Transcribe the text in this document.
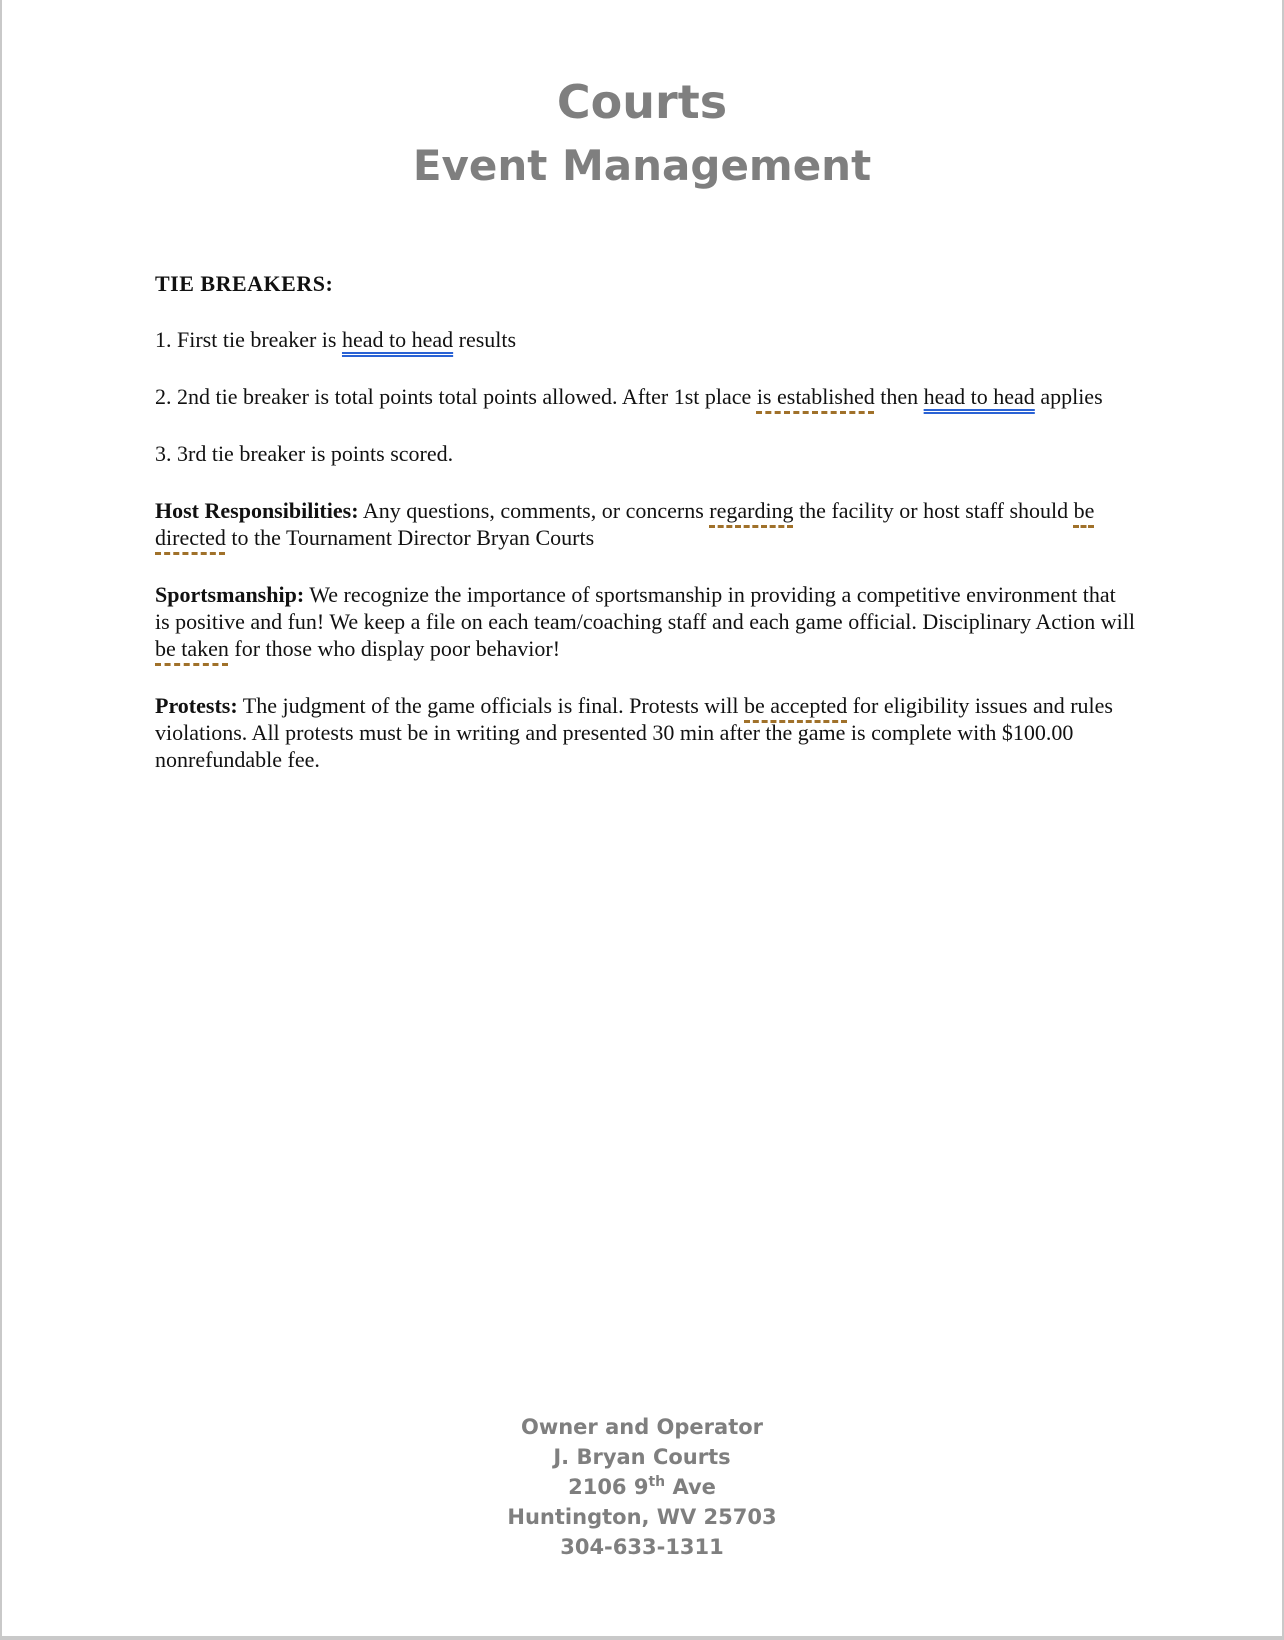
Courts
Event Management

TIE BREAKERS:

1. First tie breaker is head to head results

2. 2nd tie breaker is total points total points allowed. After 1st place is established then head to head applies

3. 3rd tie breaker is points scored.

Host Responsibilities: Any questions, comments, or concerns regarding the facility or host staff should be directed to the Tournament Director Bryan Courts

Sportsmanship: We recognize the importance of sportsmanship in providing a competitive environment that is positive and fun! We keep a file on each team/coaching staff and each game official. Disciplinary Action will be taken for those who display poor behavior!

Protests: The judgment of the game officials is final. Protests will be accepted for eligibility issues and rules violations. All protests must be in writing and presented 30 min after the game is complete with $100.00 nonrefundable fee.

Owner and Operator
J. Bryan Courts
2106 9th Ave
Huntington, WV 25703
304-633-1311
